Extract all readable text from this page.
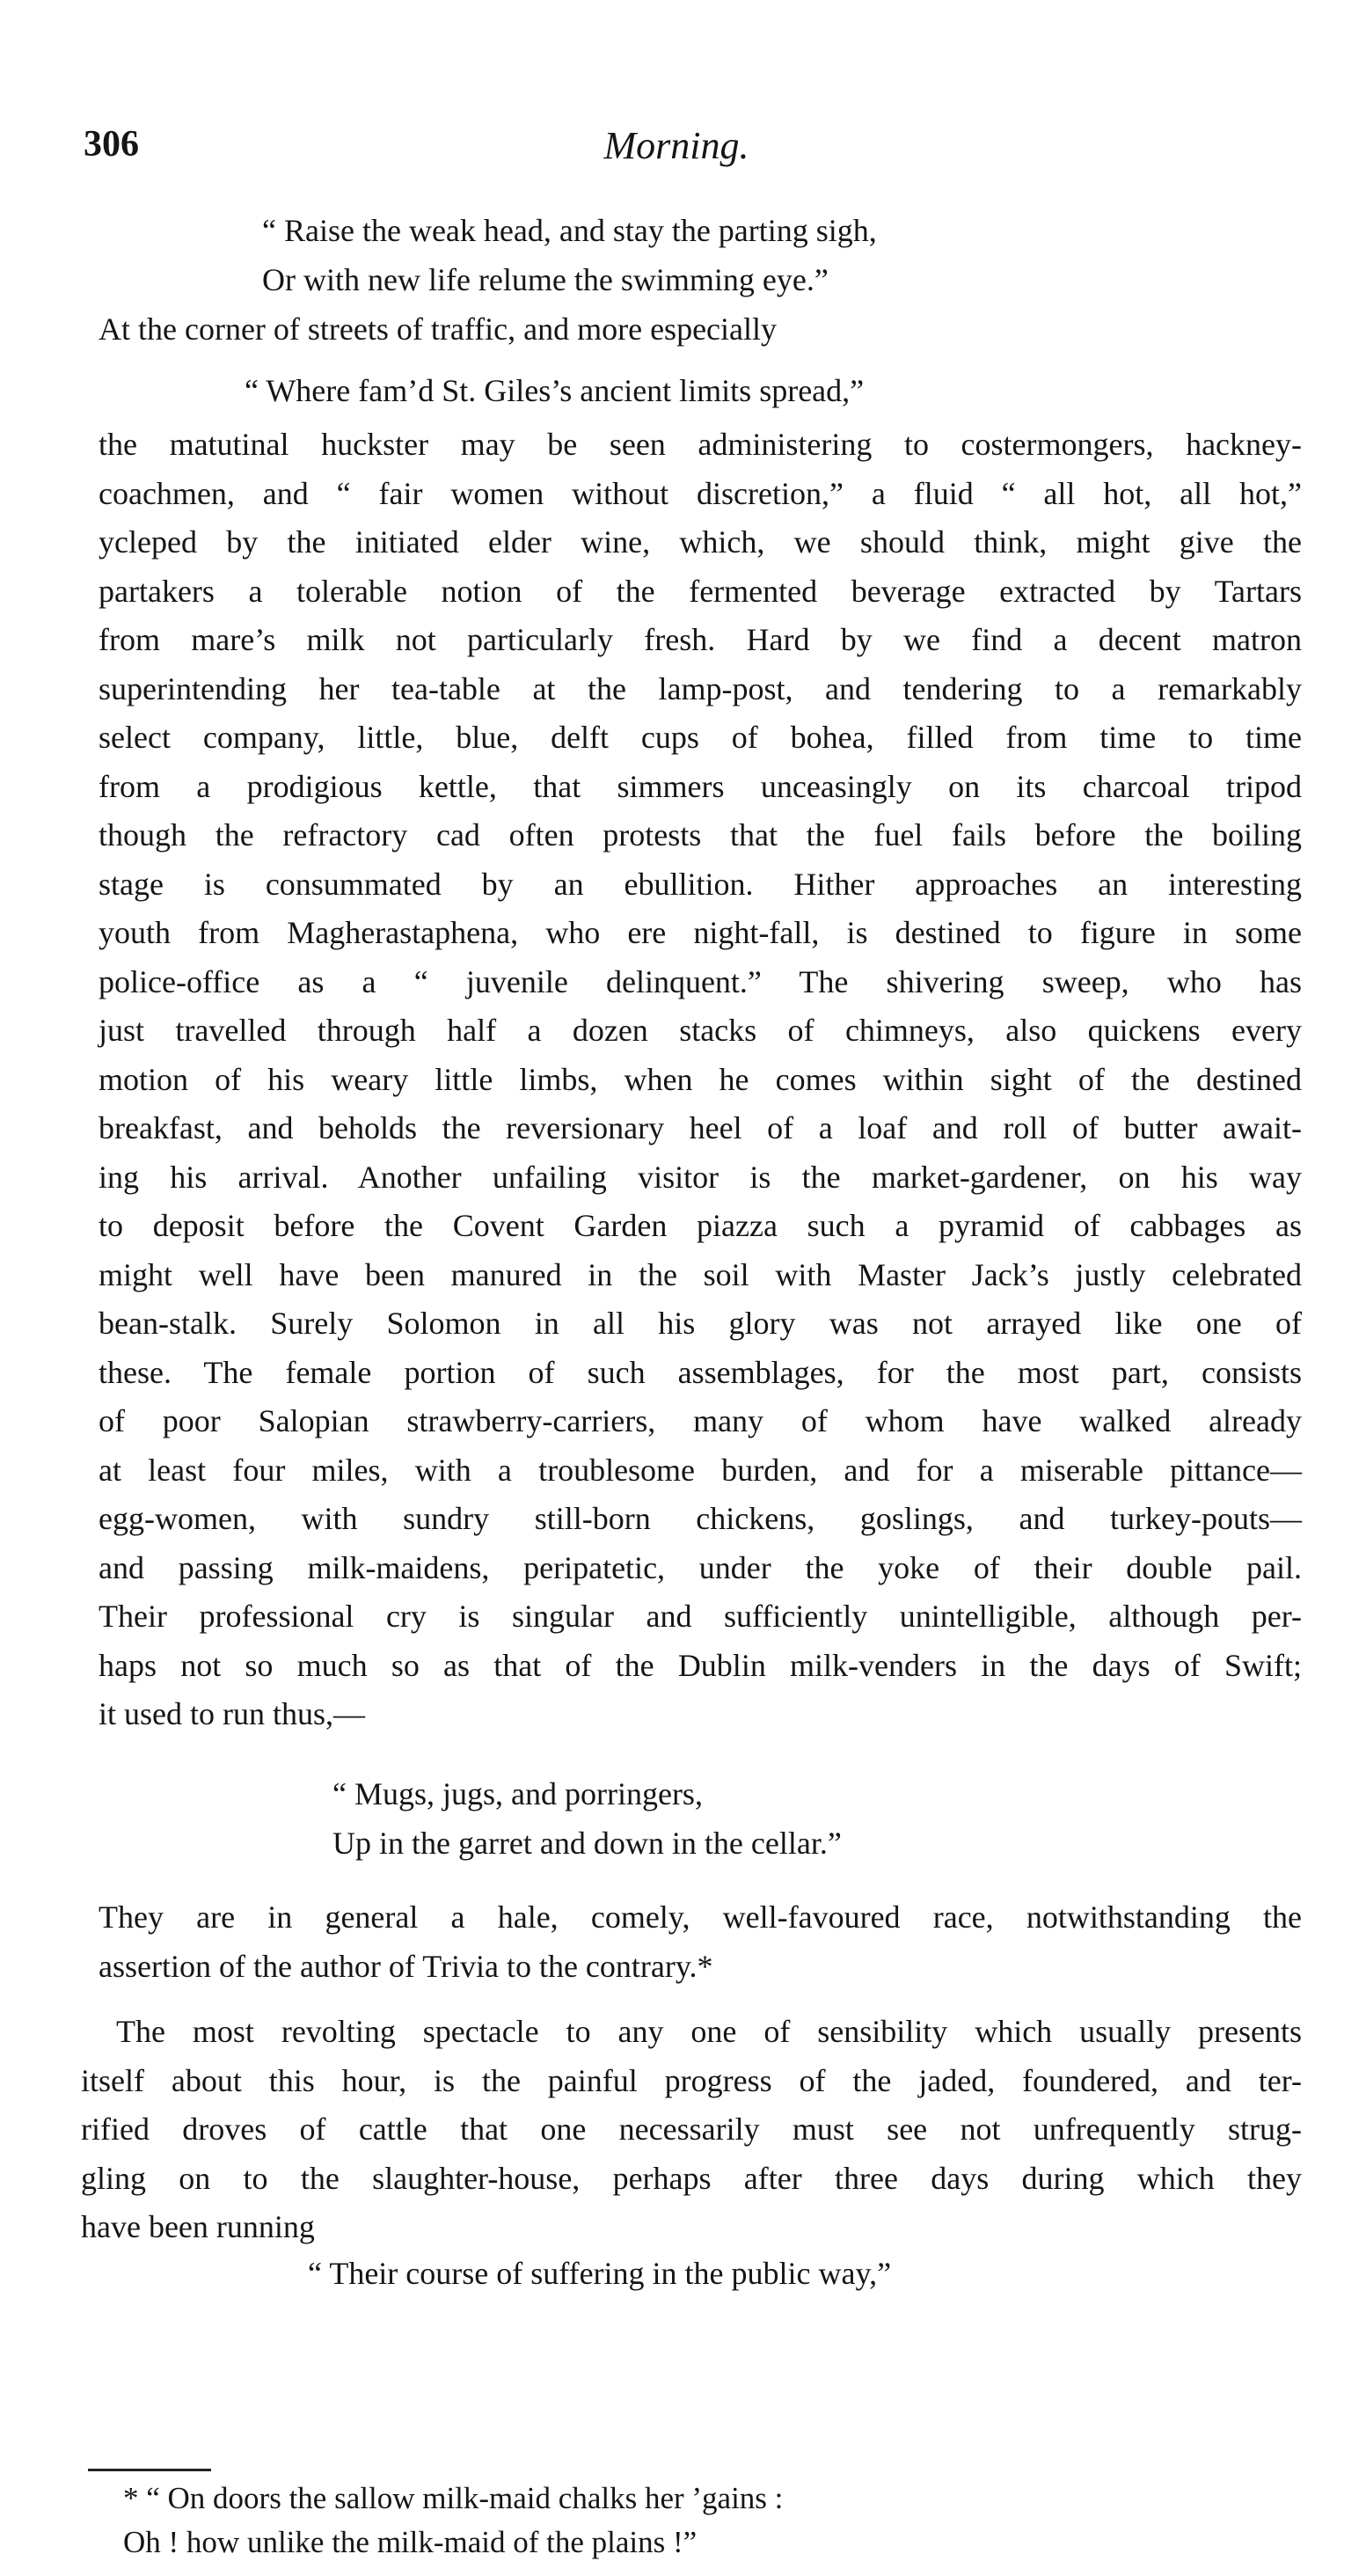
306	Morning.
“ Raise the weak head, and stay the parting sigh,
Or with new life relume the swimming eye.”
At the corner of streets of traffic, and more especially
“ Where fam’d St. Giles’s ancient limits spread,”
the matutinal huckster may be seen administering to costermongers, hackney-
coachmen, and “ fair women without discretion,” a fluid “ all hot, all hot,”
ycleped by the initiated elder wine, which, we should think, might give the
partakers a tolerable notion of the fermented beverage extracted by Tartars
from mare’s milk not particularly fresh. Hard by we find a decent matron
superintending her tea-table at the lamp-post, and tendering to a remarkably
select company, little, blue, delft cups of bohea, filled from time to time
from a prodigious kettle, that simmers unceasingly on its charcoal tripod
though the refractory cad often protests that the fuel fails before the boiling
stage is consummated by an ebullition. Hither approaches an interesting
youth from Magherastaphena, who ere night-fall, is destined to figure in some
police-office as a “ juvenile delinquent.” The shivering sweep, who has
just travelled through half a dozen stacks of chimneys, also quickens every
motion of his weary little limbs, when he comes within sight of the destined
breakfast, and beholds the reversionary heel of a loaf and roll of butter await-
ing his arrival. Another unfailing visitor is the market-gardener, on his way
to deposit before the Covent Garden piazza such a pyramid of cabbages as
might well have been manured in the soil with Master Jack’s justly celebrated
bean-stalk. Surely Solomon in all his glory was not arrayed like one of
these. The female portion of such assemblages, for the most part, consists
of poor Salopian strawberry-carriers, many of whom have walked already
at least four miles, with a troublesome burden, and for a miserable pittance—
egg-women, with sundry still-born chickens, goslings, and turkey-pouts—
and passing milk-maidens, peripatetic, under the yoke of their double pail.
Their professional cry is singular and sufficiently unintelligible, although per-
haps not so much so as that of the Dublin milk-venders in the days of Swift;
it used to run thus,—
“ Mugs, jugs, and porringers,
Up in the garret and down in the cellar.”
They are in general a hale, comely, well-favoured race, notwithstanding the
assertion of the author of Trivia to the contrary.*
The most revolting spectacle to any one of sensibility which usually presents
itself about this hour, is the painful progress of the jaded, foundered, and ter-
rified droves of cattle that one necessarily must see not unfrequently strug-
gling on to the slaughter-house, perhaps after three days during which they
have been running
“ Their course of suffering in the public way,”
* “ On doors the sallow milk-maid chalks her ’gains :
Oh ! how unlike the milk-maid of the plains !”
